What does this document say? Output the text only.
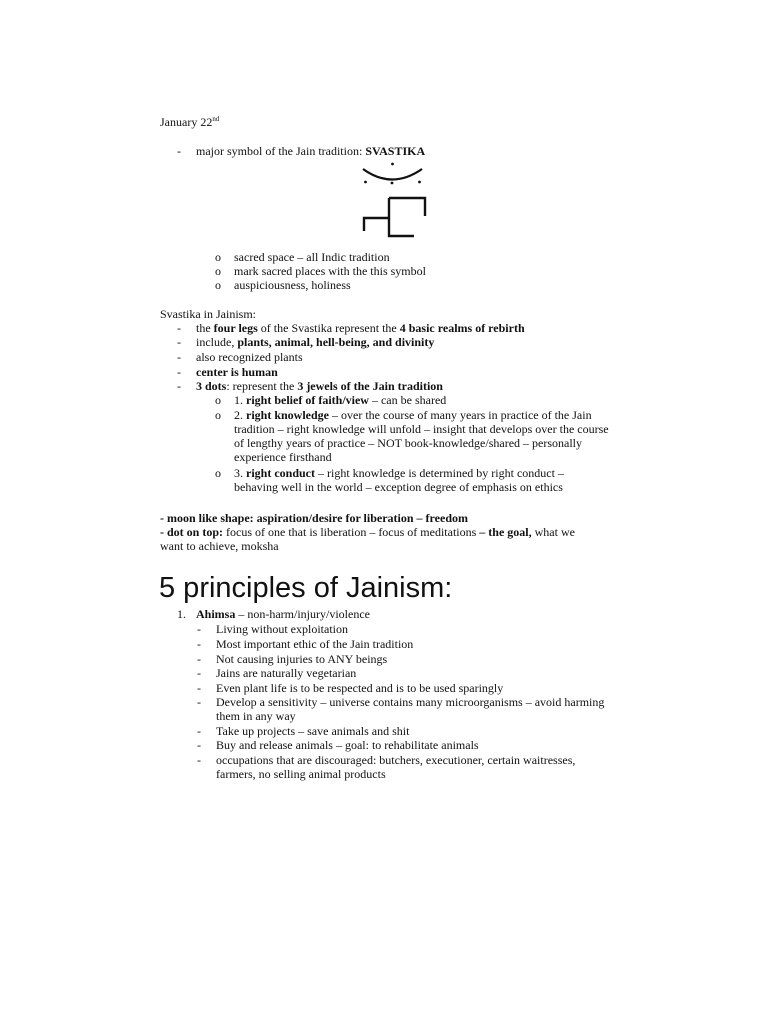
January 22nd
- major symbol of the Jain tradition: SVASTIKA
o sacred space – all Indic tradition
o mark sacred places with the this symbol
o auspiciousness, holiness
Svastika in Jainism:
- the four legs of the Svastika represent the 4 basic realms of rebirth
- include, plants, animal, hell-being, and divinity
- also recognized plants
- center is human
- 3 dots: represent the 3 jewels of the Jain tradition
o 1. right belief of faith/view – can be shared
o 2. right knowledge – over the course of many years in practice of the Jain tradition – right knowledge will unfold – insight that develops over the course of lengthy years of practice – NOT book-knowledge/shared – personally experience firsthand
o 3. right conduct – right knowledge is determined by right conduct – behaving well in the world – exception degree of emphasis on ethics
- moon like shape: aspiration/desire for liberation – freedom
- dot on top: focus of one that is liberation – focus of meditations – the goal, what we want to achieve, moksha
5 principles of Jainism:
1. Ahimsa – non-harm/injury/violence
- Living without exploitation
- Most important ethic of the Jain tradition
- Not causing injuries to ANY beings
- Jains are naturally vegetarian
- Even plant life is to be respected and is to be used sparingly
- Develop a sensitivity – universe contains many microorganisms – avoid harming them in any way
- Take up projects – save animals and shit
- Buy and release animals – goal: to rehabilitate animals
- occupations that are discouraged: butchers, executioner, certain waitresses, farmers, no selling animal products
